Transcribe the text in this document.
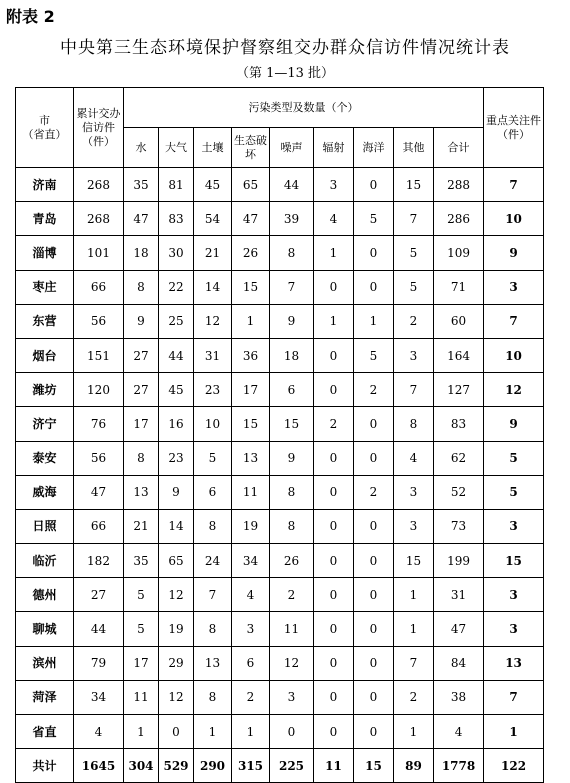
附表 2
中央第三生态环境保护督察组交办群众信访件情况统计表
（第 1—13 批）
市
（省直）	累计交办信访件（件）	污染类型及数量（个）									重点关注件（件）
		水	大气	土壤	生态破坏	噪声	辐射	海洋	其他	合计	
济南	268	35	81	45	65	44	3	0	15	288	7
青岛	268	47	83	54	47	39	4	5	7	286	10
淄博	101	18	30	21	26	8	1	0	5	109	9
枣庄	66	8	22	14	15	7	0	0	5	71	3
东营	56	9	25	12	1	9	1	1	2	60	7
烟台	151	27	44	31	36	18	0	5	3	164	10
潍坊	120	27	45	23	17	6	0	2	7	127	12
济宁	76	17	16	10	15	15	2	0	8	83	9
泰安	56	8	23	5	13	9	0	0	4	62	5
威海	47	13	9	6	11	8	0	2	3	52	5
日照	66	21	14	8	19	8	0	0	3	73	3
临沂	182	35	65	24	34	26	0	0	15	199	15
德州	27	5	12	7	4	2	0	0	1	31	3
聊城	44	5	19	8	3	11	0	0	1	47	3
滨州	79	17	29	13	6	12	0	0	7	84	13
菏泽	34	11	12	8	2	3	0	0	2	38	7
省直	4	1	0	1	1	0	0	0	1	4	1
共计	1645	304	529	290	315	225	11	15	89	1778	122
